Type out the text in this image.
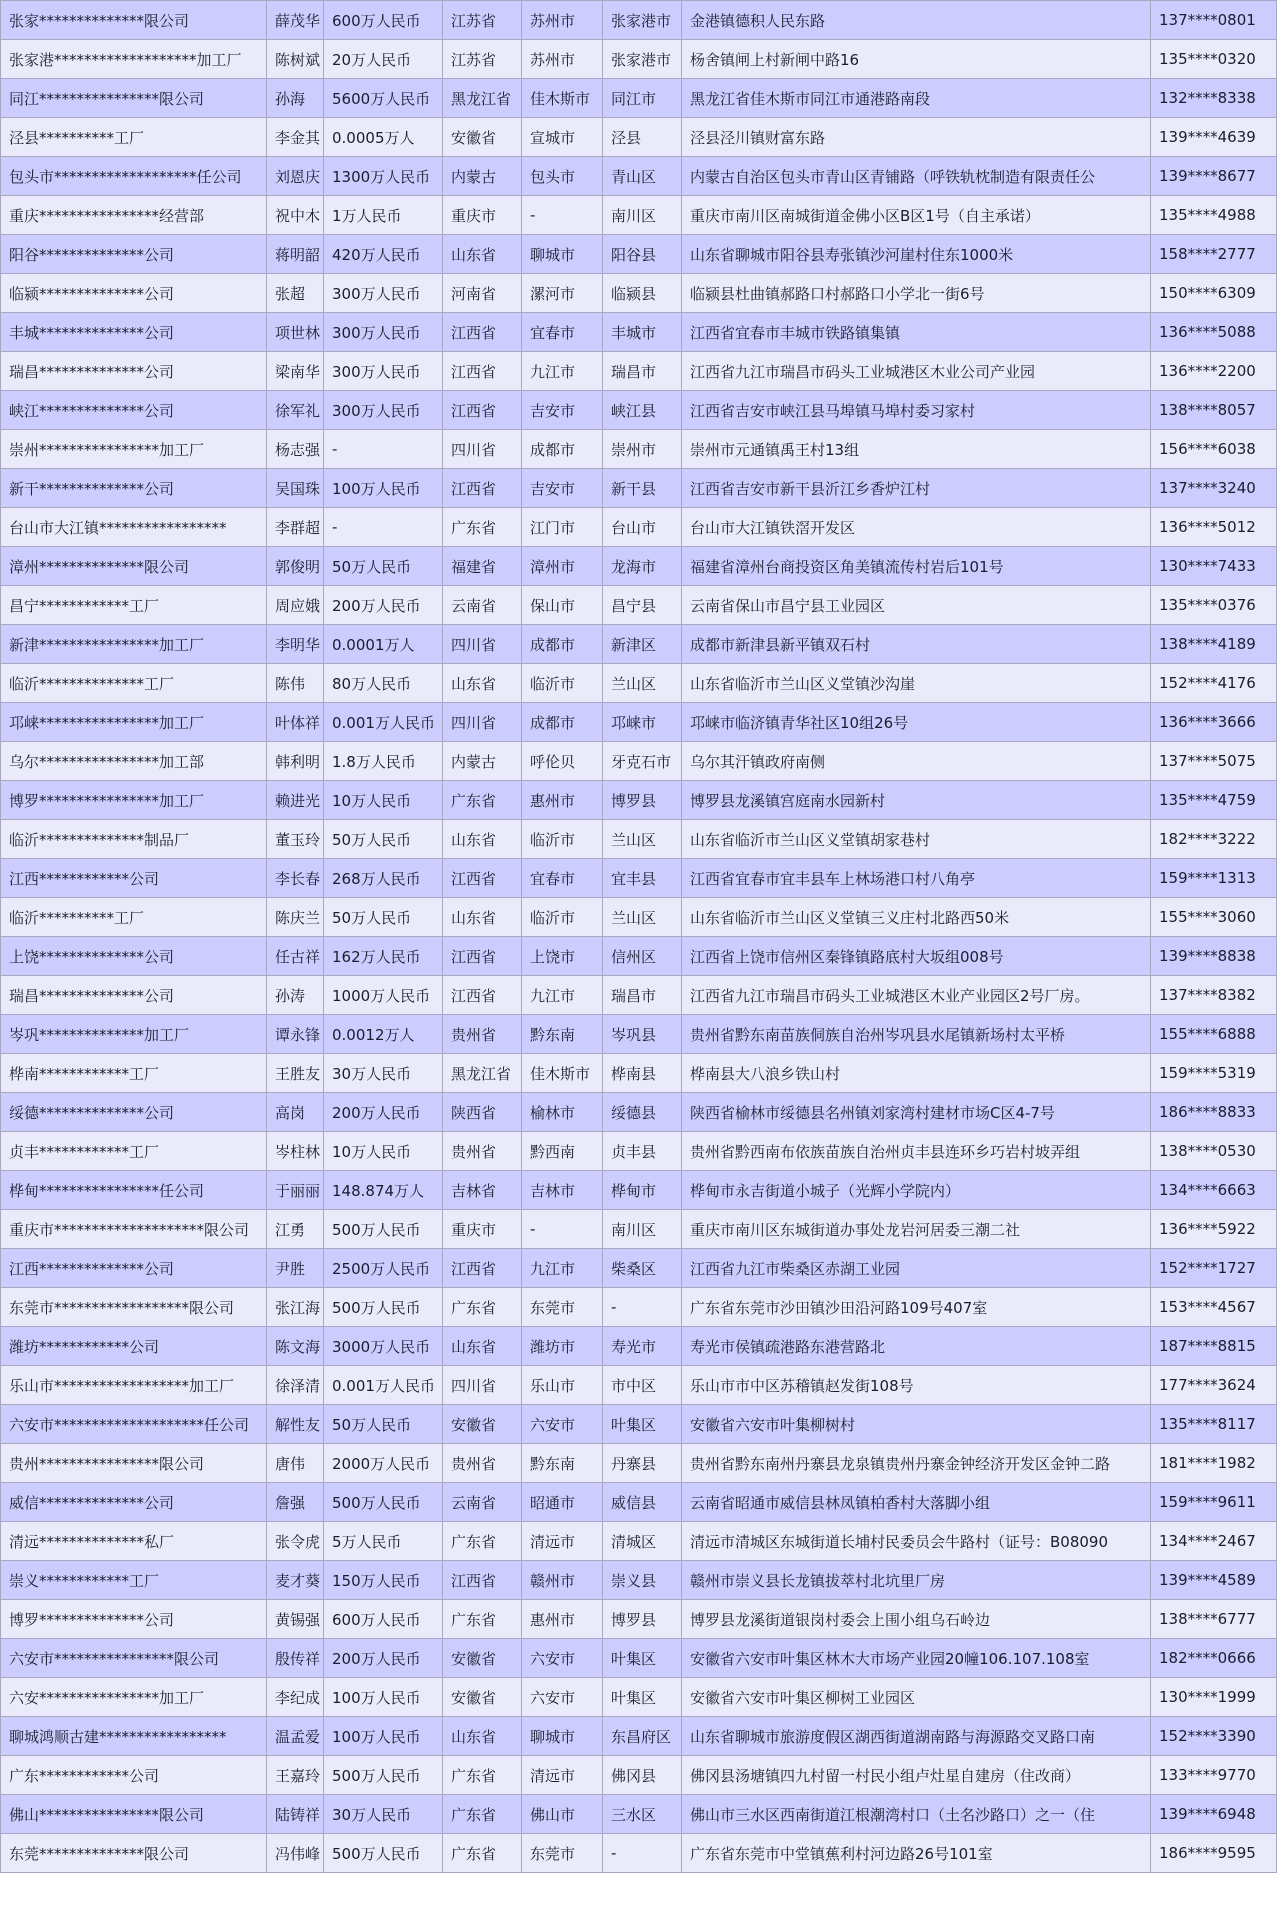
张家**************限公司	薛茂华	600万人民币	江苏省	苏州市	张家港市	金港镇德积人民东路	137****0801
张家港*******************加工厂	陈树斌	20万人民币	江苏省	苏州市	张家港市	杨舍镇闸上村新闸中路16	135****0320
同江****************限公司	孙海	5600万人民币	黑龙江省	佳木斯市	同江市	黑龙江省佳木斯市同江市通港路南段	132****8338
泾县**********工厂	李金其	0.0005万人	安徽省	宣城市	泾县	泾县泾川镇财富东路	139****4639
包头市*******************任公司	刘恩庆	1300万人民币	内蒙古	包头市	青山区	内蒙古自治区包头市青山区青铺路（呼铁轨枕制造有限责任公	139****8677
重庆****************经营部	祝中木	1万人民币	重庆市	-	南川区	重庆市南川区南城街道金佛小区B区1号（自主承诺）	135****4988
阳谷**************公司	蒋明韶	420万人民币	山东省	聊城市	阳谷县	山东省聊城市阳谷县寿张镇沙河崖村住东1000米	158****2777
临颍**************公司	张超	300万人民币	河南省	漯河市	临颍县	临颍县杜曲镇郝路口村郝路口小学北一街6号	150****6309
丰城**************公司	项世林	300万人民币	江西省	宜春市	丰城市	江西省宜春市丰城市铁路镇集镇	136****5088
瑞昌**************公司	梁南华	300万人民币	江西省	九江市	瑞昌市	江西省九江市瑞昌市码头工业城港区木业公司产业园	136****2200
峡江**************公司	徐军礼	300万人民币	江西省	吉安市	峡江县	江西省吉安市峡江县马埠镇马埠村委习家村	138****8057
崇州****************加工厂	杨志强	-	四川省	成都市	崇州市	崇州市元通镇禹王村13组	156****6038
新干**************公司	吴国珠	100万人民币	江西省	吉安市	新干县	江西省吉安市新干县沂江乡香炉江村	137****3240
台山市大江镇*****************	李群超	-	广东省	江门市	台山市	台山市大江镇铁滘开发区	136****5012
漳州**************限公司	郭俊明	50万人民币	福建省	漳州市	龙海市	福建省漳州台商投资区角美镇流传村岩后101号	130****7433
昌宁************工厂	周应娥	200万人民币	云南省	保山市	昌宁县	云南省保山市昌宁县工业园区	135****0376
新津****************加工厂	李明华	0.0001万人	四川省	成都市	新津区	成都市新津县新平镇双石村	138****4189
临沂**************工厂	陈伟	80万人民币	山东省	临沂市	兰山区	山东省临沂市兰山区义堂镇沙沟崖	152****4176
邛崃****************加工厂	叶体祥	0.001万人民币	四川省	成都市	邛崃市	邛崃市临济镇青华社区10组26号	136****3666
乌尔****************加工部	韩利明	1.8万人民币	内蒙古	呼伦贝	牙克石市	乌尔其汗镇政府南侧	137****5075
博罗****************加工厂	赖进光	10万人民币	广东省	惠州市	博罗县	博罗县龙溪镇宫庭南水园新村	135****4759
临沂**************制品厂	董玉玲	50万人民币	山东省	临沂市	兰山区	山东省临沂市兰山区义堂镇胡家巷村	182****3222
江西************公司	李长春	268万人民币	江西省	宜春市	宜丰县	江西省宜春市宜丰县车上林场港口村八角亭	159****1313
临沂**********工厂	陈庆兰	50万人民币	山东省	临沂市	兰山区	山东省临沂市兰山区义堂镇三义庄村北路西50米	155****3060
上饶**************公司	任古祥	162万人民币	江西省	上饶市	信州区	江西省上饶市信州区秦锋镇路底村大坂组008号	139****8838
瑞昌**************公司	孙涛	1000万人民币	江西省	九江市	瑞昌市	江西省九江市瑞昌市码头工业城港区木业产业园区2号厂房。	137****8382
岑巩**************加工厂	谭永锋	0.0012万人	贵州省	黔东南	岑巩县	贵州省黔东南苗族侗族自治州岑巩县水尾镇新场村太平桥	155****6888
桦南************工厂	王胜友	30万人民币	黑龙江省	佳木斯市	桦南县	桦南县大八浪乡铁山村	159****5319
绥德**************公司	高岗	200万人民币	陕西省	榆林市	绥德县	陕西省榆林市绥德县名州镇刘家湾村建材市场C区4-7号	186****8833
贞丰************工厂	岑柱林	10万人民币	贵州省	黔西南	贞丰县	贵州省黔西南布依族苗族自治州贞丰县连环乡巧岩村坡弄组	138****0530
桦甸****************任公司	于丽丽	148.874万人	吉林省	吉林市	桦甸市	桦甸市永吉街道小城子（光辉小学院内）	134****6663
重庆市********************限公司	江勇	500万人民币	重庆市	-	南川区	重庆市南川区东城街道办事处龙岩河居委三潮二社	136****5922
江西**************公司	尹胜	2500万人民币	江西省	九江市	柴桑区	江西省九江市柴桑区赤湖工业园	152****1727
东莞市******************限公司	张江海	500万人民币	广东省	东莞市	-	广东省东莞市沙田镇沙田沿河路109号407室	153****4567
潍坊************公司	陈文海	3000万人民币	山东省	潍坊市	寿光市	寿光市侯镇疏港路东港营路北	187****8815
乐山市******************加工厂	徐泽清	0.001万人民币	四川省	乐山市	市中区	乐山市市中区苏稽镇赵发街108号	177****3624
六安市********************任公司	解性友	50万人民币	安徽省	六安市	叶集区	安徽省六安市叶集柳树村	135****8117
贵州****************限公司	唐伟	2000万人民币	贵州省	黔东南	丹寨县	贵州省黔东南州丹寨县龙泉镇贵州丹寨金钟经济开发区金钟二路	181****1982
威信**************公司	詹强	500万人民币	云南省	昭通市	威信县	云南省昭通市威信县林凤镇柏香村大落脚小组	159****9611
清远**************私厂	张令虎	5万人民币	广东省	清远市	清城区	清远市清城区东城街道长埔村民委员会牛路村（证号：B08090	134****2467
崇义************工厂	麦才葵	150万人民币	江西省	赣州市	崇义县	赣州市崇义县长龙镇拔萃村北坑里厂房	139****4589
博罗**************公司	黄锡强	600万人民币	广东省	惠州市	博罗县	博罗县龙溪街道银岗村委会上围小组乌石岭边	138****6777
六安市****************限公司	殷传祥	200万人民币	安徽省	六安市	叶集区	安徽省六安市叶集区林木大市场产业园20幢106.107.108室	182****0666
六安****************加工厂	李纪成	100万人民币	安徽省	六安市	叶集区	安徽省六安市叶集区柳树工业园区	130****1999
聊城鸿顺古建*****************	温孟爱	100万人民币	山东省	聊城市	东昌府区	山东省聊城市旅游度假区湖西街道湖南路与海源路交叉路口南	152****3390
广东************公司	王嘉玲	500万人民币	广东省	清远市	佛冈县	佛冈县汤塘镇四九村留一村民小组卢灶星自建房（住改商）	133****9770
佛山****************限公司	陆铸祥	30万人民币	广东省	佛山市	三水区	佛山市三水区西南街道江根潮湾村口（土名沙路口）之一（住	139****6948
东莞**************限公司	冯伟峰	500万人民币	广东省	东莞市	-	广东省东莞市中堂镇蕉利村河边路26号101室	186****9595
